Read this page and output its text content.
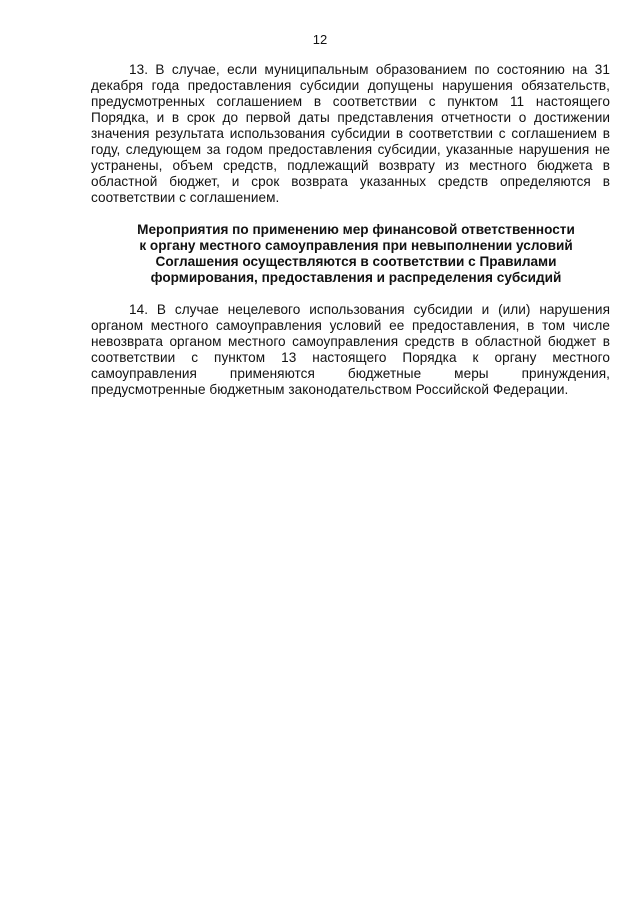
12

13. В случае, если муниципальным образованием по состоянию на 31 декабря года предоставления субсидии допущены нарушения обязательств, предусмотренных соглашением в соответствии с пунктом 11 настоящего Порядка, и в срок до первой даты представления отчетности о достижении значения результата использования субсидии в соответствии с соглашением в году, следующем за годом предоставления субсидии, указанные нарушения не устранены, объем средств, подлежащий возврату из местного бюджета в областной бюджет, и срок возврата указанных средств определяются в соответствии с соглашением.

Мероприятия по применению мер финансовой ответственности
к органу местного самоуправления при невыполнении условий
Соглашения осуществляются в соответствии с Правилами
формирования, предоставления и распределения субсидий

14. В случае нецелевого использования субсидии и (или) нарушения органом местного самоуправления условий ее предоставления, в том числе невозврата органом местного самоуправления средств в областной бюджет в соответствии с пунктом 13 настоящего Порядка к органу местного самоуправления применяются бюджетные меры принуждения, предусмотренные бюджетным законодательством Российской Федерации.
